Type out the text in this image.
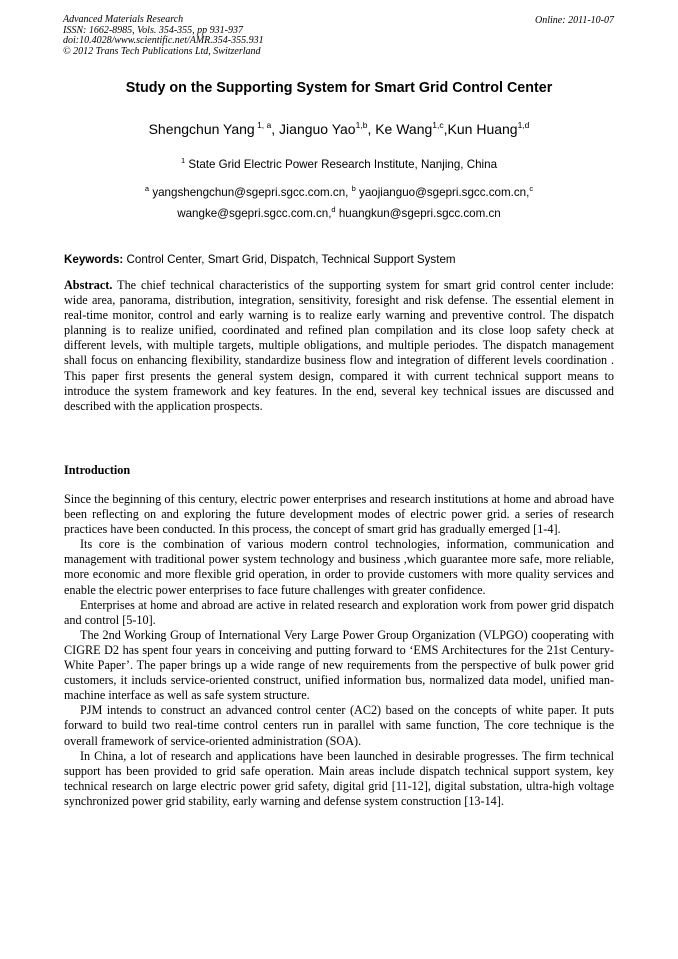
Advanced Materials Research
ISSN: 1662-8985, Vols. 354-355, pp 931-937
doi:10.4028/www.scientific.net/AMR.354-355.931
© 2012 Trans Tech Publications Ltd, Switzerland
Online: 2011-10-07
Study on the Supporting System for Smart Grid Control Center
Shengchun Yang $^{1, a}$, Jianguo Yao$^{1,b}$, Ke Wang$^{1,c}$,Kun Huang$^{1,d}$
$^1$ State Grid Electric Power Research Institute, Nanjing, China
$^a$ yangshengchun@sgepri.sgcc.com.cn, $^b$ yaojianguo@sgepri.sgcc.com.cn,$^c$
wangke@sgepri.sgcc.com.cn,$^d$ huangkun@sgepri.sgcc.com.cn
Keywords: Control Center, Smart Grid, Dispatch, Technical Support System
Abstract. The chief technical characteristics of the supporting system for smart grid control center include: wide area, panorama, distribution, integration, sensitivity, foresight and risk defense. The essential element in real-time monitor, control and early warning is to realize early warning and preventive control. The dispatch planning is to realize unified, coordinated and refined plan compilation and its close loop safety check at different levels, with multiple targets, multiple obligations, and multiple periodes. The dispatch management shall focus on enhancing flexibility, standardize business flow and integration of different levels coordination . This paper first presents the general system design, compared it with current technical support means to introduce the system framework and key features. In the end, several key technical issues are discussed and described with the application prospects.
Introduction
Since the beginning of this century, electric power enterprises and research institutions at home and abroad have been reflecting on and exploring the future development modes of electric power grid. a series of research practices have been conducted. In this process, the concept of smart grid has gradually emerged [1-4].
Its core is the combination of various modern control technologies, information, communication and management with traditional power system technology and business ,which guarantee more safe, more reliable, more economic and more flexible grid operation, in order to provide customers with more quality services and enable the electric power enterprises to face future challenges with greater confidence.
Enterprises at home and abroad are active in related research and exploration work from power grid dispatch and control [5-10].
The 2nd Working Group of International Very Large Power Group Organization (VLPGO) cooperating with CIGRE D2 has spent four years in conceiving and putting forward to ‘EMS Architectures for the 21st Century-White Paper’. The paper brings up a wide range of new requirements from the perspective of bulk power grid customers, it includs service-oriented construct, unified information bus, normalized data model, unified man-machine interface as well as safe system structure.
PJM intends to construct an advanced control center (AC2) based on the concepts of white paper. It puts forward to build two real-time control centers run in parallel with same function, The core technique is the overall framework of service-oriented administration (SOA).
In China, a lot of research and applications have been launched in desirable progresses. The firm technical support has been provided to grid safe operation. Main areas include dispatch technical support system, key technical research on large electric power grid safety, digital grid [11-12], digital substation, ultra-high voltage synchronized power grid stability, early warning and defense system construction [13-14].
